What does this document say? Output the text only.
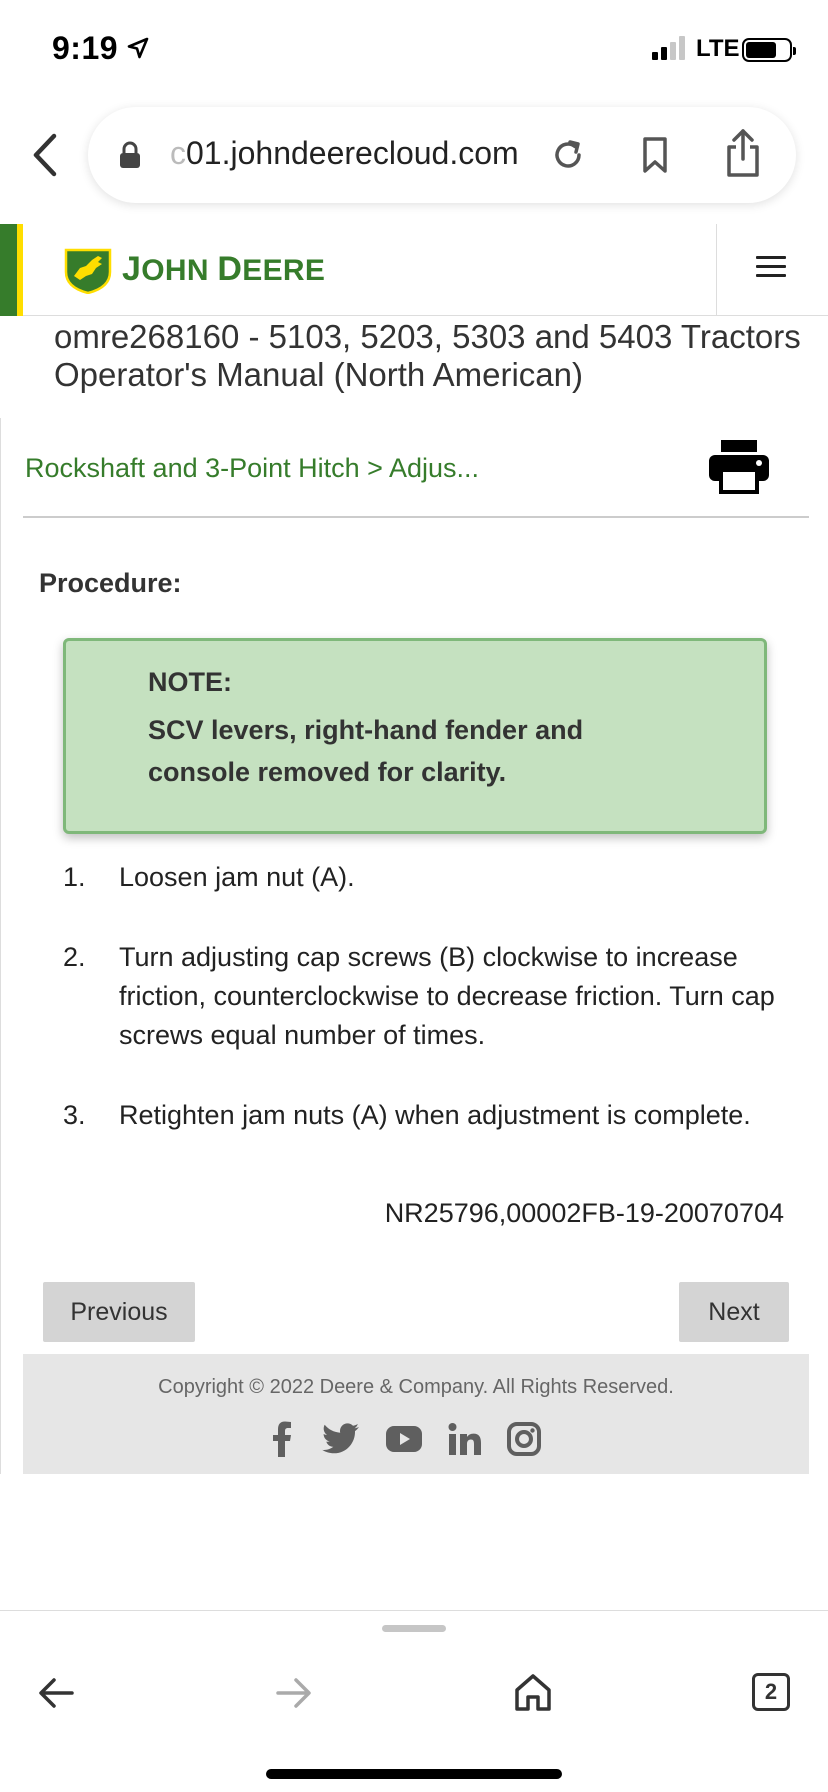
9:19	LTE
c01.johndeerecloud.com
JOHN DEERE
omre268160 - 5103, 5203, 5303 and 5403 Tractors Operator's Manual (North American)
Rockshaft and 3-Point Hitch > Adjus...
Procedure:
NOTE:
SCV levers, right-hand fender and console removed for clarity.
1. Loosen jam nut (A).
2. Turn adjusting cap screws (B) clockwise to increase friction, counterclockwise to decrease friction. Turn cap screws equal number of times.
3. Retighten jam nuts (A) when adjustment is complete.
NR25796,00002FB-19-20070704
Previous	Next
Copyright © 2022 Deere & Company. All Rights Reserved.
2
